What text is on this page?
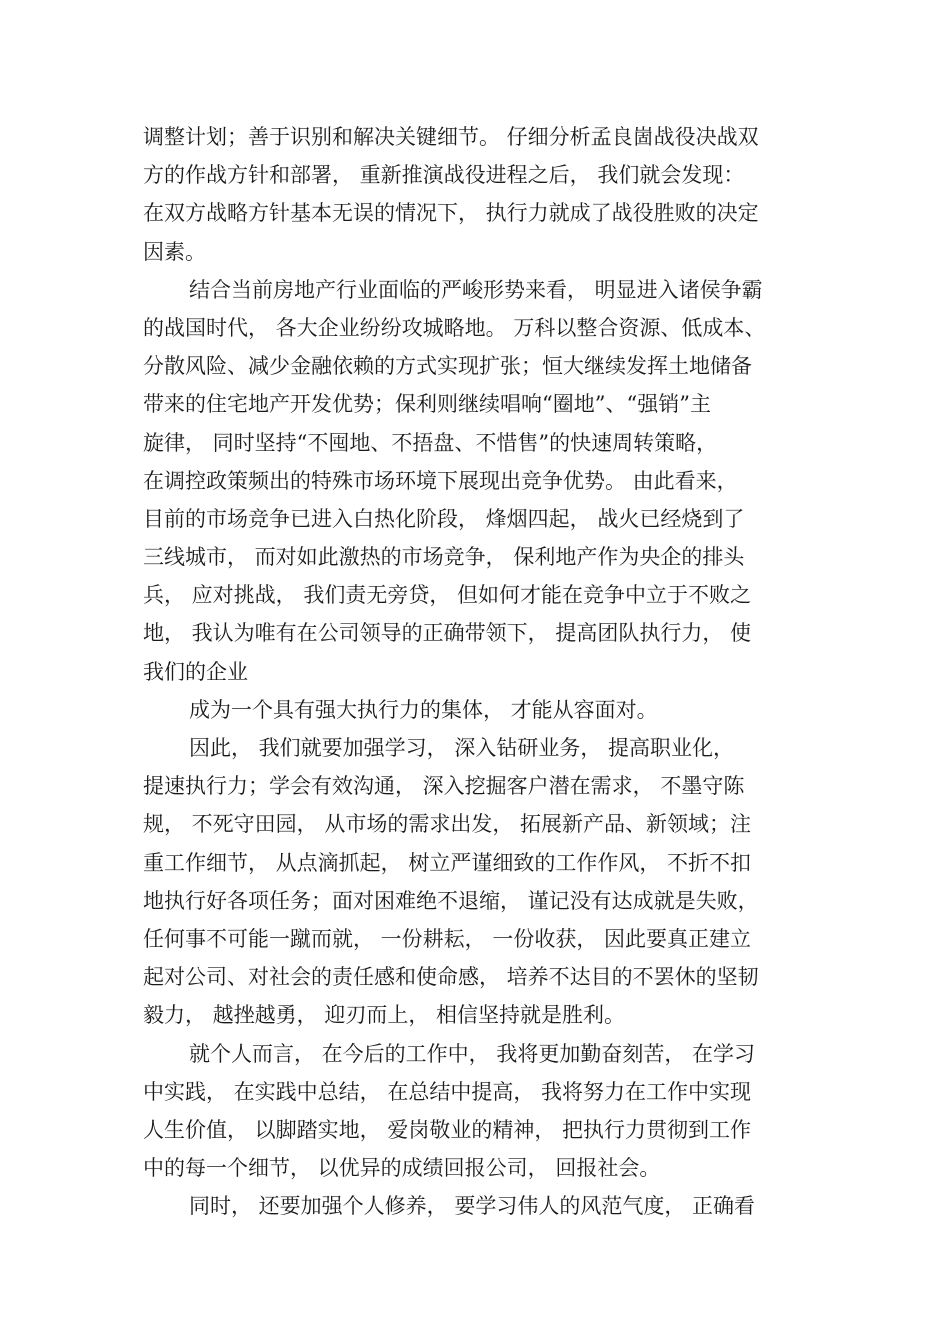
调整计划；善于识别和解决关键细节。 仔细分析孟良崮战役决战双
方的作战方针和部署， 重新推演战役进程之后， 我们就会发现：
在双方战略方针基本无误的情况下， 执行力就成了战役胜败的决定
因素。
结合当前房地产行业面临的严峻形势来看， 明显进入诸侯争霸
的战国时代， 各大企业纷纷攻城略地。 万科以整合资源、低成本、
分散风险、减少金融依赖的方式实现扩张；恒大继续发挥土地储备
带来的住宅地产开发优势；保利则继续唱响“圈地”、“强销”主
旋律， 同时坚持“不囤地、不捂盘、不惜售”的快速周转策略，
在调控政策频出的特殊市场环境下展现出竞争优势。 由此看来，
目前的市场竞争已进入白热化阶段， 烽烟四起， 战火已经烧到了
三线城市， 而对如此激热的市场竞争， 保利地产作为央企的排头
兵， 应对挑战， 我们责无旁贷， 但如何才能在竞争中立于不败之
地， 我认为唯有在公司领导的正确带领下， 提高团队执行力， 使
我们的企业
成为一个具有强大执行力的集体， 才能从容面对。
因此， 我们就要加强学习， 深入钻研业务， 提高职业化，
提速执行力；学会有效沟通， 深入挖掘客户潜在需求， 不墨守陈
规， 不死守田园， 从市场的需求出发， 拓展新产品、新领域；注
重工作细节， 从点滴抓起， 树立严谨细致的工作作风， 不折不扣
地执行好各项任务；面对困难绝不退缩， 谨记没有达成就是失败，
任何事不可能一蹴而就， 一份耕耘， 一份收获， 因此要真正建立
起对公司、对社会的责任感和使命感， 培养不达目的不罢休的坚韧
毅力， 越挫越勇， 迎刃而上， 相信坚持就是胜利。
就个人而言， 在今后的工作中， 我将更加勤奋刻苦， 在学习
中实践， 在实践中总结， 在总结中提高， 我将努力在工作中实现
人生价值， 以脚踏实地， 爱岗敬业的精神， 把执行力贯彻到工作
中的每一个细节， 以优异的成绩回报公司， 回报社会。
同时， 还要加强个人修养， 要学习伟人的风范气度， 正确看
